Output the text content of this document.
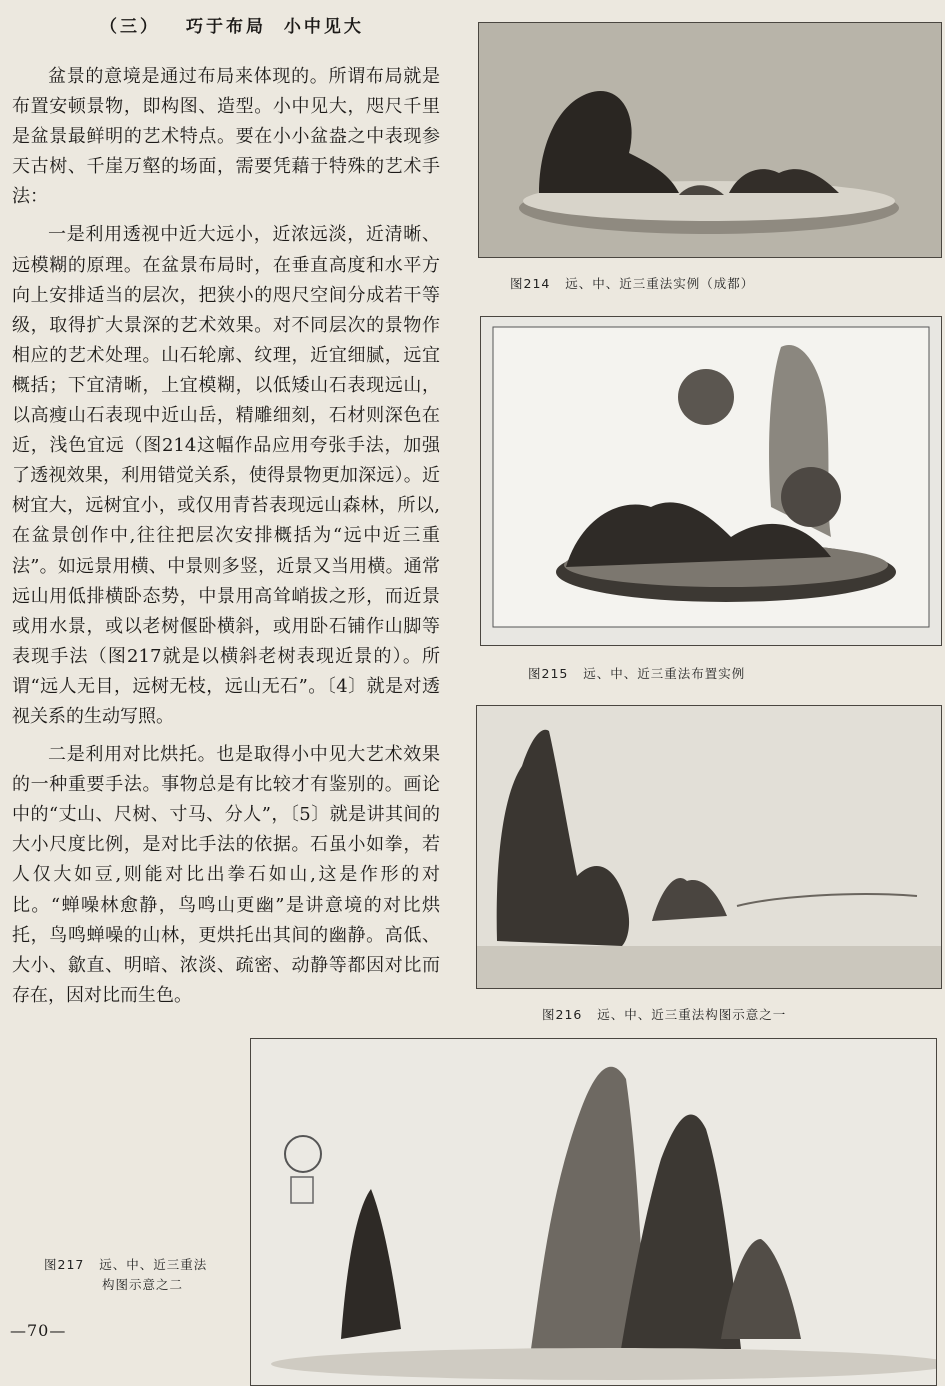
（三） 巧于布局  小中见大

盆景的意境是通过布局来体现的。所谓布局就是布置安顿景物，即构图、造型。小中见大，咫尺千里是盆景最鲜明的艺术特点。要在小小盆盎之中表现参天古树、千崖万壑的场面，需要凭藉于特殊的艺术手法：

一是利用透视中近大远小，近浓远淡，近清晰、远模糊的原理。在盆景布局时，在垂直高度和水平方向上安排适当的层次，把狭小的咫尺空间分成若干等级，取得扩大景深的艺术效果。对不同层次的景物作相应的艺术处理。山石轮廓、纹理，近宜细腻，远宜概括；下宜清晰，上宜模糊，以低矮山石表现远山，以高瘦山石表现中近山岳，精雕细刻，石材则深色在近，浅色宜远（图214这幅作品应用夸张手法，加强了透视效果，利用错觉关系，使得景物更加深远）。近树宜大，远树宜小，或仅用青苔表现远山森林，所以,在盆景创作中,往往把层次安排概括为“远中近三重法”。如远景用横、中景则多竖，近景又当用横。通常远山用低排横卧态势，中景用高耸峭拔之形，而近景或用水景，或以老树偃卧横斜，或用卧石铺作山脚等表现手法（图217就是以横斜老树表现近景的）。所谓“远人无目，远树无枝，远山无石”。〔4〕就是对透视关系的生动写照。

二是利用对比烘托。也是取得小中见大艺术效果的一种重要手法。事物总是有比较才有鉴别的。画论中的“丈山、尺树、寸马、分人”，〔5〕就是讲其间的大小尺度比例，是对比手法的依据。石虽小如拳，若人仅大如豆,则能对比出拳石如山,这是作形的对比。“蝉噪林愈静，鸟鸣山更幽”是讲意境的对比烘托，鸟鸣蝉噪的山林，更烘托出其间的幽静。高低、大小、歙直、明暗、浓淡、疏密、动静等都因对比而存在，因对比而生色。

图214   远、中、近三重法实例（成都）
图215   远、中、近三重法布置实例
图216   远、中、近三重法构图示意之一
图217   远、中、近三重法
构图示意之二
—70—
